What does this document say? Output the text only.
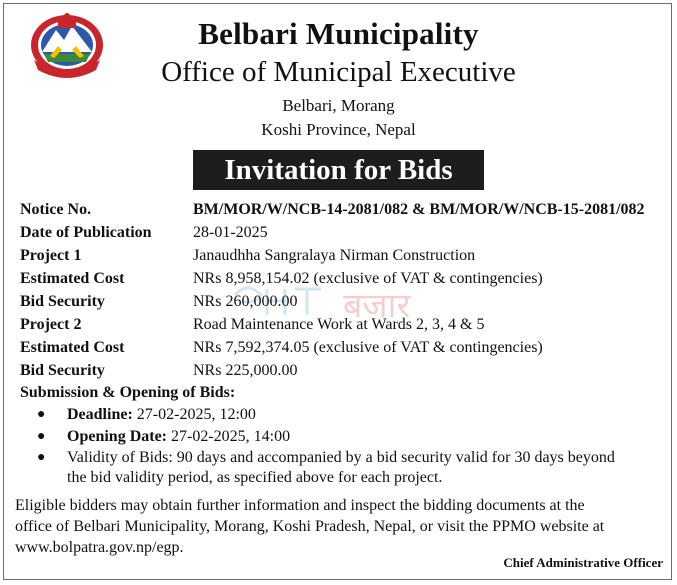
Belbari Municipality
Office of Municipal Executive
Belbari, Morang
Koshi Province, Nepal
Invitation for Bids
बजार
Notice No.	BM/MOR/W/NCB-14-2081/082 & BM/MOR/W/NCB-15-2081/082
Date of Publication	28-01-2025
Project 1	Janaudhha Sangralaya Nirman Construction
Estimated Cost	NRs 8,958,154.02 (exclusive of VAT & contingencies)
Bid Security	NRs 260,000.00
Project 2	Road Maintenance Work at Wards 2, 3, 4 & 5
Estimated Cost	NRs 7,592,374.05 (exclusive of VAT & contingencies)
Bid Security	NRs 225,000.00
Submission & Opening of Bids:
● Deadline: 27-02-2025, 12:00
● Opening Date: 27-02-2025, 14:00
● Validity of Bids: 90 days and accompanied by a bid security valid for 30 days beyond
the bid validity period, as specified above for each project.
Eligible bidders may obtain further information and inspect the bidding documents at the
office of Belbari Municipality, Morang, Koshi Pradesh, Nepal, or visit the PPMO website at
www.bolpatra.gov.np/egp.
Chief Administrative Officer
